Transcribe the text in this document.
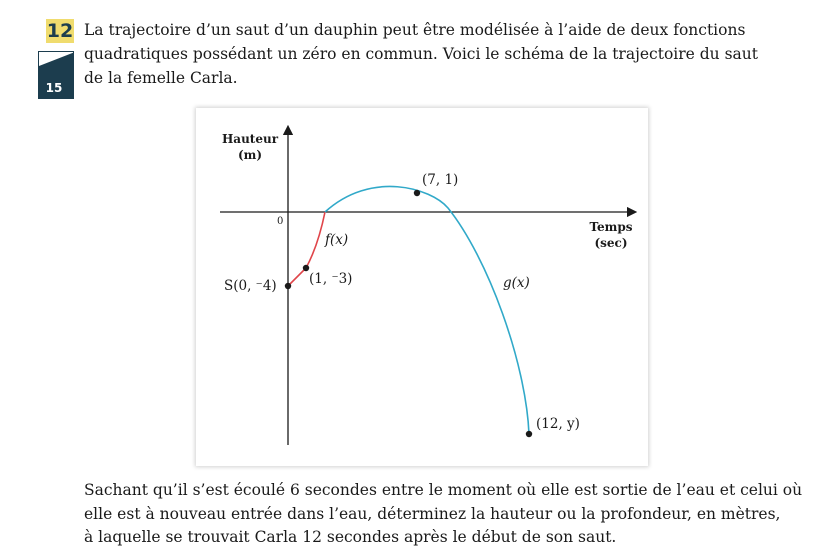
12
15
La trajectoire d’un saut d’un dauphin peut être modélisée à l’aide de deux fonctions
quadratiques possédant un zéro en commun. Voici le schéma de la trajectoire du saut
de la femelle Carla.
Hauteur
(m)
Temps
(sec)
0
f(x)
g(x)
S(0, ⁻4) (1, ⁻3)
(7, 1)
(12, y)
Sachant qu’il s’est écoulé 6 secondes entre le moment où elle est sortie de l’eau et celui où
elle est à nouveau entrée dans l’eau, déterminez la hauteur ou la profondeur, en mètres,
à laquelle se trouvait Carla 12 secondes après le début de son saut.
